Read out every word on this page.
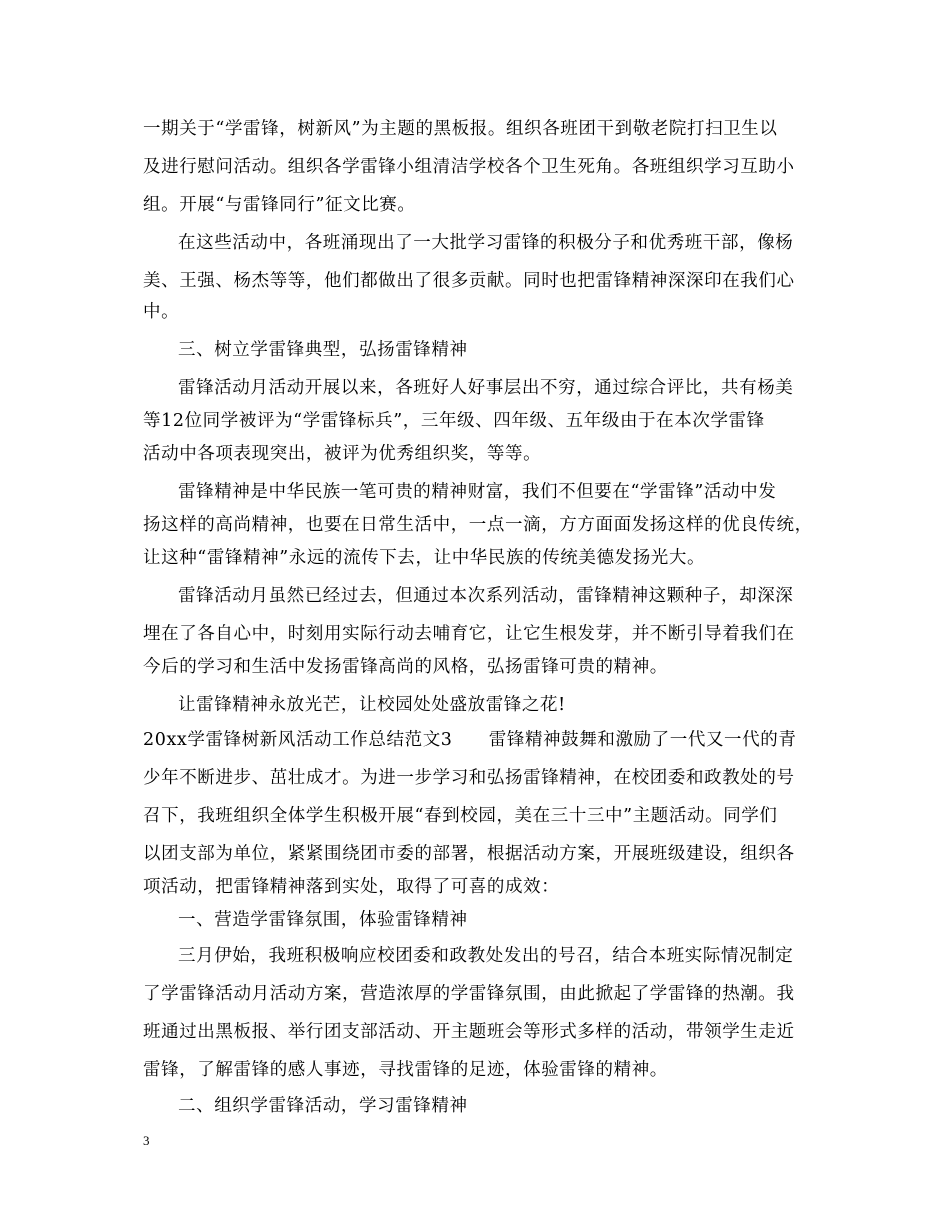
一期关于“学雷锋，树新风”为主题的黑板报。组织各班团干到敬老院打扫卫生以
及进行慰问活动。组织各学雷锋小组清洁学校各个卫生死角。各班组织学习互助小
组。开展“与雷锋同行”征文比赛。
在这些活动中，各班涌现出了一大批学习雷锋的积极分子和优秀班干部，像杨
美、王强、杨杰等等，他们都做出了很多贡献。同时也把雷锋精神深深印在我们心
中。
三、树立学雷锋典型，弘扬雷锋精神
雷锋活动月活动开展以来，各班好人好事层出不穷，通过综合评比，共有杨美
等12位同学被评为“学雷锋标兵”，三年级、四年级、五年级由于在本次学雷锋
活动中各项表现突出，被评为优秀组织奖，等等。
雷锋精神是中华民族一笔可贵的精神财富，我们不但要在“学雷锋”活动中发
扬这样的高尚精神，也要在日常生活中，一点一滴，方方面面发扬这样的优良传统，
让这种“雷锋精神”永远的流传下去，让中华民族的传统美德发扬光大。
雷锋活动月虽然已经过去，但通过本次系列活动，雷锋精神这颗种子，却深深
埋在了各自心中，时刻用实际行动去哺育它，让它生根发芽，并不断引导着我们在
今后的学习和生活中发扬雷锋高尚的风格，弘扬雷锋可贵的精神。
让雷锋精神永放光芒，让校园处处盛放雷锋之花!
20xx学雷锋树新风活动工作总结范文3　　雷锋精神鼓舞和激励了一代又一代的青
少年不断进步、茁壮成才。为进一步学习和弘扬雷锋精神，在校团委和政教处的号
召下，我班组织全体学生积极开展“春到校园，美在三十三中”主题活动。同学们
以团支部为单位，紧紧围绕团市委的部署，根据活动方案，开展班级建设，组织各
项活动，把雷锋精神落到实处，取得了可喜的成效：
一、营造学雷锋氛围，体验雷锋精神
三月伊始，我班积极响应校团委和政教处发出的号召，结合本班实际情况制定
了学雷锋活动月活动方案，营造浓厚的学雷锋氛围，由此掀起了学雷锋的热潮。我
班通过出黑板报、举行团支部活动、开主题班会等形式多样的活动，带领学生走近
雷锋，了解雷锋的感人事迹，寻找雷锋的足迹，体验雷锋的精神。
二、组织学雷锋活动，学习雷锋精神
3
